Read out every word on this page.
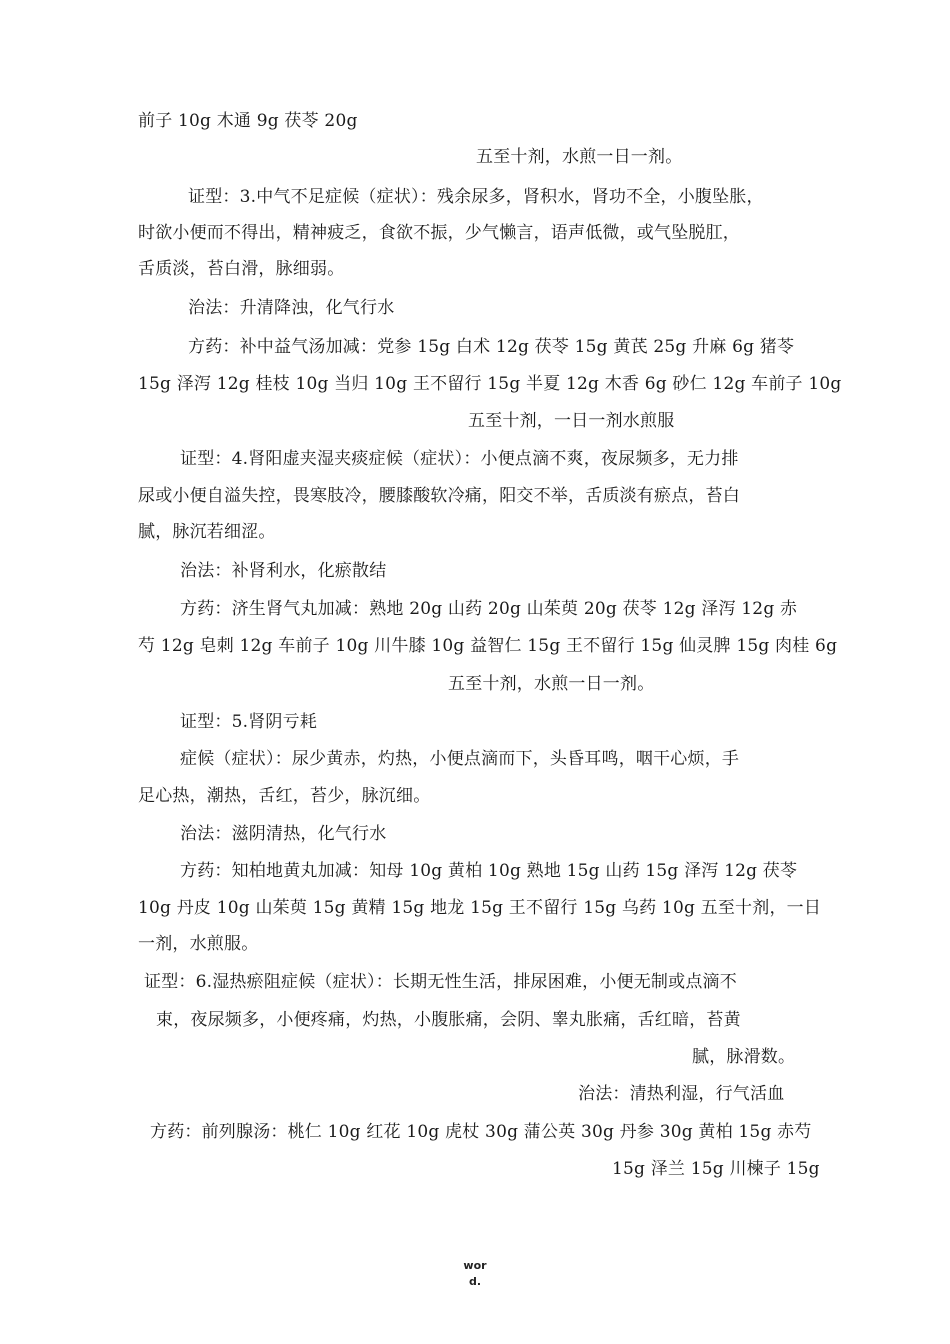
前子 10g 木通 9g 茯苓 20g
五至十剂，水煎一日一剂。
证型：3.中气不足症候（症状）：残余尿多，肾积水，肾功不全，小腹坠胀，
时欲小便而不得出，精神疲乏，食欲不振，少气懒言，语声低微，或气坠脱肛，
舌质淡，苔白滑，脉细弱。
治法：升清降浊，化气行水
方药：补中益气汤加减：党参 15g 白术 12g 茯苓 15g 黄芪 25g 升麻 6g 猪苓
15g 泽泻 12g 桂枝 10g 当归 10g 王不留行 15g 半夏 12g 木香 6g 砂仁 12g 车前子 10g
五至十剂，一日一剂水煎服
证型：4.肾阳虚夹湿夹痰症候（症状）：小便点滴不爽，夜尿频多，无力排
尿或小便自溢失控，畏寒肢冷，腰膝酸软冷痛，阳交不举，舌质淡有瘀点，苔白
腻，脉沉若细涩。
治法：补肾利水，化瘀散结
方药：济生肾气丸加减：熟地 20g 山药 20g 山茱萸 20g 茯苓 12g 泽泻 12g 赤
芍 12g 皂刺 12g 车前子 10g 川牛膝 10g 益智仁 15g 王不留行 15g 仙灵脾 15g 肉桂 6g
五至十剂，水煎一日一剂。
证型：5.肾阴亏耗
症候（症状）：尿少黄赤，灼热，小便点滴而下，头昏耳鸣，咽干心烦，手
足心热，潮热，舌红，苔少，脉沉细。
治法：滋阴清热，化气行水
方药：知柏地黄丸加减：知母 10g 黄柏 10g 熟地 15g 山药 15g 泽泻 12g 茯苓
10g 丹皮 10g 山茱萸 15g 黄精 15g 地龙 15g 王不留行 15g 乌药 10g 五至十剂，一日
一剂，水煎服。
证型：6.湿热瘀阻症候（症状）：长期无性生活，排尿困难，小便无制或点滴不
束，夜尿频多，小便疼痛，灼热，小腹胀痛，会阴、睾丸胀痛，舌红暗，苔黄
腻，脉滑数。
治法：清热利湿，行气活血
方药：前列腺汤：桃仁 10g 红花 10g 虎杖 30g 蒲公英 30g 丹参 30g 黄柏 15g 赤芍
15g 泽兰 15g 川楝子 15g
wor
d.
